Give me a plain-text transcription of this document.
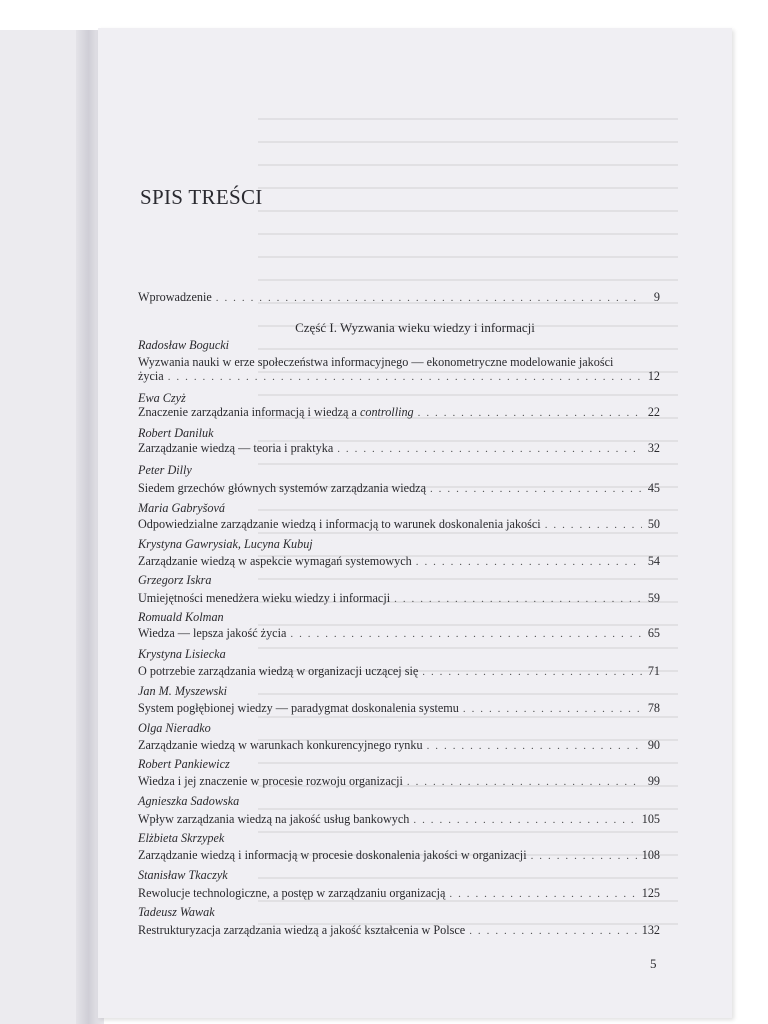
SPIS TREŚCI
Wprowadzenie . . .	9
Część I. Wyzwania wieku wiedzy i informacji
Radosław Bogucki
Wyzwania nauki w erze społeczeństwa informacyjnego — ekonometryczne modelowanie jakości
życia . . .	12
Ewa Czyż
Znaczenie zarządzania informacją i wiedzą a controlling . . .	22
Robert Daniluk
Zarządzanie wiedzą — teoria i praktyka . . .	32
Peter Dilly
Siedem grzechów głównych systemów zarządzania wiedzą . . .	45
Maria Gabryšová
Odpowiedzialne zarządzanie wiedzą i informacją to warunek doskonalenia jakości . . .	50
Krystyna Gawrysiak, Lucyna Kubuj
Zarządzanie wiedzą w aspekcie wymagań systemowych . . .	54
Grzegorz Iskra
Umiejętności menedżera wieku wiedzy i informacji . . .	59
Romuald Kolman
Wiedza — lepsza jakość życia . . .	65
Krystyna Lisiecka
O potrzebie zarządzania wiedzą w organizacji uczącej się . . .	71
Jan M. Myszewski
System pogłębionej wiedzy — paradygmat doskonalenia systemu . . .	78
Olga Nieradko
Zarządzanie wiedzą w warunkach konkurencyjnego rynku . . .	90
Robert Pankiewicz
Wiedza i jej znaczenie w procesie rozwoju organizacji . . .	99
Agnieszka Sadowska
Wpływ zarządzania wiedzą na jakość usług bankowych . . .	105
Elżbieta Skrzypek
Zarządzanie wiedzą i informacją w procesie doskonalenia jakości w organizacji . . .	108
Stanisław Tkaczyk
Rewolucje technologiczne, a postęp w zarządzaniu organizacją . . .	125
Tadeusz Wawak
Restrukturyzacja zarządzania wiedzą a jakość kształcenia w Polsce . . .	132
5
